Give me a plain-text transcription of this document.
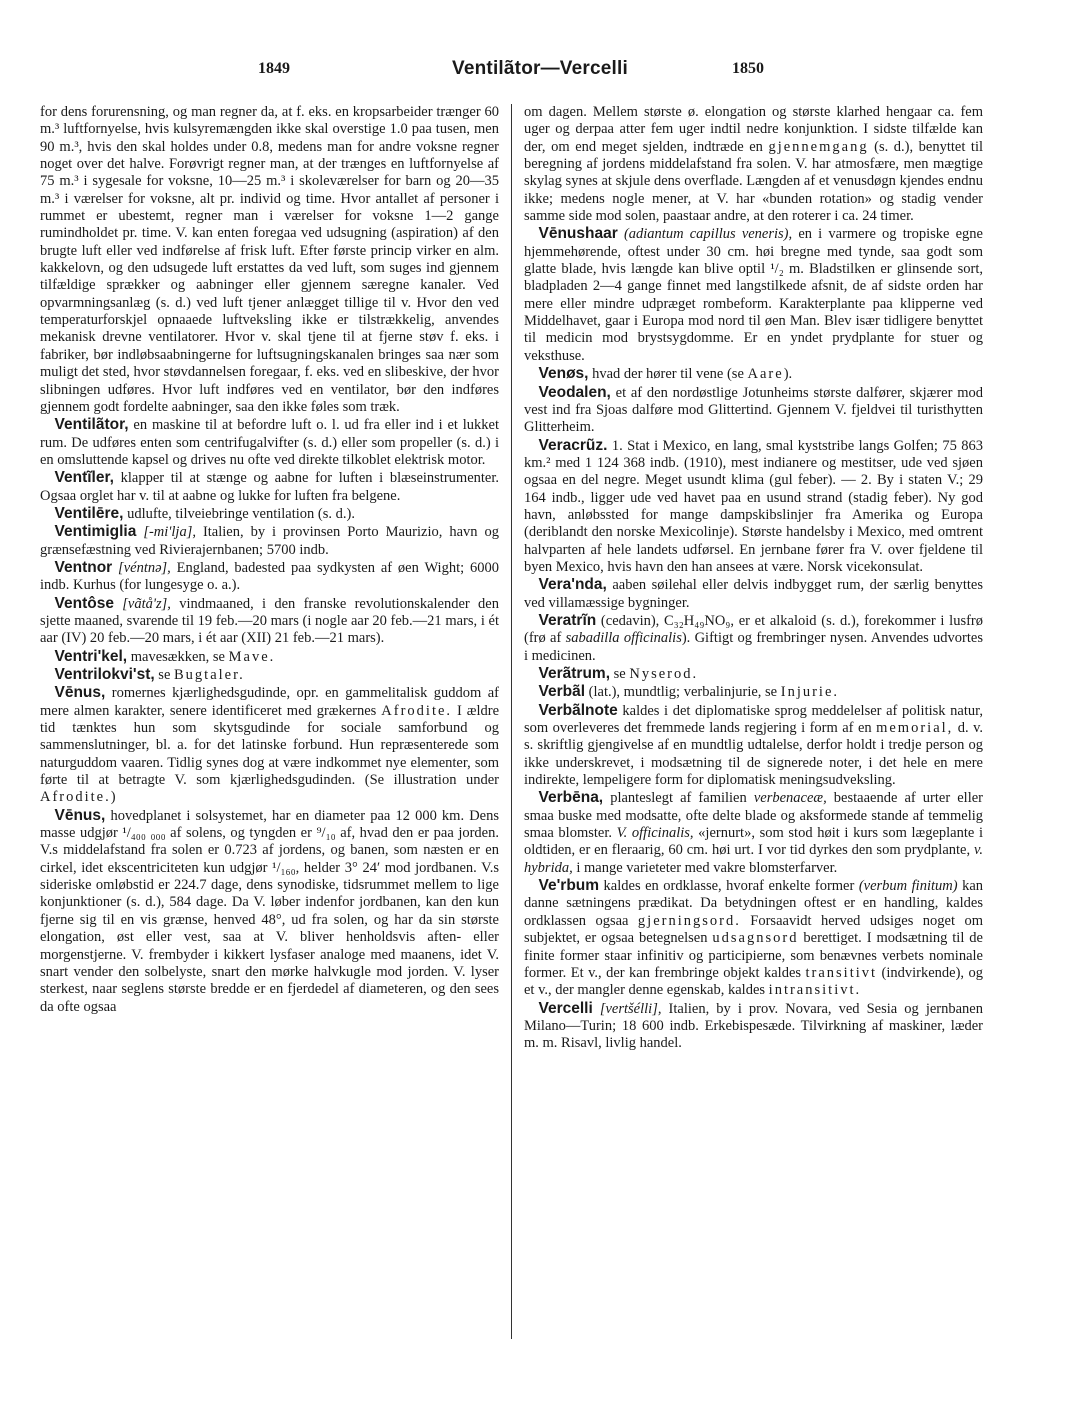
1849	Ventilãtor—Vercelli	1850

for dens forurensning, og man regner da, at f. eks. en kropsarbeider trænger 60 m.³ luftfornyelse, hvis kulsyremængden ikke skal overstige 1.0 paa tusen, men 90 m.³, hvis den skal holdes under 0.8, medens man for andre voksne regner noget over det halve. Forøvrigt regner man, at der trænges en luftfornyelse af 75 m.³ i sygesale for voksne, 10—25 m.³ i skoleværelser for barn og 20—35 m.³ i værelser for voksne, alt pr. individ og time. Hvor antallet af personer i rummet er ubestemt, regner man i værelser for voksne 1—2 gange rumindholdet pr. time. V. kan enten foregaa ved udsugning (aspiration) af den brugte luft eller ved indførelse af frisk luft. Efter første princip virker en alm. kakkelovn, og den udsugede luft erstattes da ved luft, som suges ind gjennem tilfældige sprækker og aabninger eller gjennem særegne kanaler. Ved opvarmningsanlæg (s. d.) ved luft tjener anlægget tillige til v. Hvor den ved temperaturforskjel opnaaede luftveksling ikke er tilstrækkelig, anvendes mekanisk drevne ventilatorer. Hvor v. skal tjene til at fjerne støv f. eks. i fabriker, bør indløbsaabningerne for luftsugningskanalen bringes saa nær som muligt det sted, hvor støvdannelsen foregaar, f. eks. ved en slibeskive, der hvor slibningen udføres. Hvor luft indføres ved en ventilator, bør den indføres gjennem godt fordelte aabninger, saa den ikke føles som træk.

 Ventilãtor, en maskine til at befordre luft o. l. ud fra eller ind i et lukket rum. De udføres enten som centrifugalvifter (s. d.) eller som propeller (s. d.) i en omsluttende kapsel og drives nu ofte ved direkte tilkoblet elektrisk motor.

 Ventĩler, klapper til at stænge og aabne for luften i blæseinstrumenter. Ogsaa orglet har v. til at aabne og lukke for luften fra belgene.

 Ventilēre, udlufte, tilveiebringe ventilation (s. d.).

 Ventimiglia [-mi'lja], Italien, by i provinsen Porto Maurizio, havn og grænsefæstning ved Rivierajernbanen; 5700 indb.

 Ventnor [véntnə], England, badested paa sydkysten af øen Wight; 6000 indb. Kurhus (for lungesyge o. a.).

 Ventôse [vãtå'z], vindmaaned, i den franske revolutionskalender den sjette maaned, svarende til 19 feb.—20 mars (i nogle aar 20 feb.—21 mars, i ét aar (IV) 20 feb.—20 mars, i ét aar (XII) 21 feb.—21 mars).

 Ventri'kel, mavesækken, se Mave.

 Ventrilokvi'st, se Bugtaler.

 Vēnus, romernes kjærlighedsgudinde, opr. en gammelitalisk guddom af mere almen karakter, senere identificeret med grækernes Afrodite. I ældre tid tænktes hun som skytsgudinde for sociale samforbund og sammenslutninger, bl. a. for det latinske forbund. Hun repræsenterede som naturguddom vaaren. Tidlig synes dog at være indkommet nye elementer, som førte til at betragte V. som kjærlighedsgudinden. (Se illustration under Afrodite.)

 Vēnus, hovedplanet i solsystemet, har en diameter paa 12 000 km. Dens masse udgjør ¹/₄₀₀ ₀₀₀ af solens, og tyngden er ⁹/₁₀ af, hvad den er paa jorden. V.s middelafstand fra solen er 0.723 af jordens, og banen, som næsten er en cirkel, idet ekscentriciteten kun udgjør ¹/₁₆₀, helder 3° 24′ mod jordbanen. V.s sideriske omløbstid er 224.7 dage, dens synodiske, tidsrummet mellem to lige konjunktioner (s. d.), 584 dage. Da V. løber indenfor jordbanen, kan den kun fjerne sig til en vis grænse, henved 48°, ud fra solen, og har da sin største elongation, øst eller vest, saa at V. bliver henholdsvis aften- eller morgenstjerne. V. frembyder i kikkert lysfaser analoge med maanens, idet V. snart vender den solbelyste, snart den mørke halvkugle mod jorden. V. lyser sterkest, naar seglens største bredde er en fjerdedel af diameteren, og den sees da ofte ogsaa

om dagen. Mellem største ø. elongation og største klarhed hengaar ca. fem uger og derpaa atter fem uger indtil nedre konjunktion. I sidste tilfælde kan der, om end meget sjelden, indtræde en gjennemgang (s. d.), benyttet til beregning af jordens middelafstand fra solen. V. har atmosfære, men mægtige skylag synes at skjule dens overflade. Længden af et venusdøgn kjendes endnu ikke; medens nogle mener, at V. har «bunden rotation» og stadig vender samme side mod solen, paastaar andre, at den roterer i ca. 24 timer.

 Vēnushaar (adiantum capillus veneris), en i varmere og tropiske egne hjemmehørende, oftest under 30 cm. høi bregne med tynde, saa godt som glatte blade, hvis længde kan blive optil ¹/₂ m. Bladstilken er glinsende sort, bladpladen 2—4 gange finnet med langstilkede afsnit, de af sidste orden har mere eller mindre udpræget rombeform. Karakterplante paa klipperne ved Middelhavet, gaar i Europa mod nord til øen Man. Blev især tidligere benyttet til medicin mod brystsygdomme. Er en yndet prydplante for stuer og veksthuse.

 Venøs, hvad der hører til vene (se Aare).

 Veodalen, et af den nordøstlige Jotunheims største dalfører, skjærer mod vest ind fra Sjoas dalføre mod Glittertind. Gjennem V. fjeldvei til turisthytten Glitterheim.

 Veracrũz. 1. Stat i Mexico, en lang, smal kyststribe langs Golfen; 75 863 km.² med 1 124 368 indb. (1910), mest indianere og mestitser, ude ved sjøen ogsaa en del negre. Meget usundt klima (gul feber). — 2. By i staten V.; 29 164 indb., ligger ude ved havet paa en usund strand (stadig feber). Ny god havn, anløbssted for mange dampskibslinjer fra Amerika og Europa (deriblandt den norske Mexicolinje). Største handelsby i Mexico, med omtrent halvparten af hele landets udførsel. En jernbane fører fra V. over fjeldene til byen Mexico, hvis havn den han ansees at være. Norsk vicekonsulat.

 Vera'nda, aaben søilehal eller delvis indbygget rum, der særlig benyttes ved villamæssige bygninger.

 Veratrĩn (cedavin), C₃₂H₄₉NO₉, er et alkaloid (s. d.), forekommer i lusfrø (frø af sabadilla officinalis). Giftigt og frembringer nysen. Anvendes udvortes i medicinen.

 Verãtrum, se Nyserod.

 Verbãl (lat.), mundtlig; verbalinjurie, se Injurie.

 Verbãlnote kaldes i det diplomatiske sprog meddelelser af politisk natur, som overleveres det fremmede lands regjering i form af en memorial, d. v. s. skriftlig gjengivelse af en mundtlig udtalelse, derfor holdt i tredje person og ikke underskrevet, i modsætning til de signerede noter, i det hele en mere indirekte, lempeligere form for diplomatisk meningsudveksling.

 Verbēna, planteslegt af familien verbenaceæ, bestaaende af urter eller smaa buske med modsatte, ofte delte blade og aksformede stande af temmelig smaa blomster. V. officinalis, «jernurt», som stod høit i kurs som lægeplante i oldtiden, er en fleraarig, 60 cm. høi urt. I vor tid dyrkes den som prydplante, v. hybrida, i mange varieteter med vakre blomsterfarver.

 Ve'rbum kaldes en ordklasse, hvoraf enkelte former (verbum finitum) kan danne sætningens prædikat. Da betydningen oftest er en handling, kaldes ordklassen ogsaa gjerningsord. Forsaavidt herved udsiges noget om subjektet, er ogsaa betegnelsen udsagnsord berettiget. I modsætning til de finite former staar infinitiv og participierne, som benævnes verbets nominale former. Et v., der kan frembringe objekt kaldes transitivt (indvirkende), og et v., der mangler denne egenskab, kaldes intransitivt.

 Vercelli [vertšélli], Italien, by i prov. Novara, ved Sesia og jernbanen Milano—Turin; 18 600 indb. Erkebispesæde. Tilvirkning af maskiner, læder m. m. Risavl, livlig handel.
